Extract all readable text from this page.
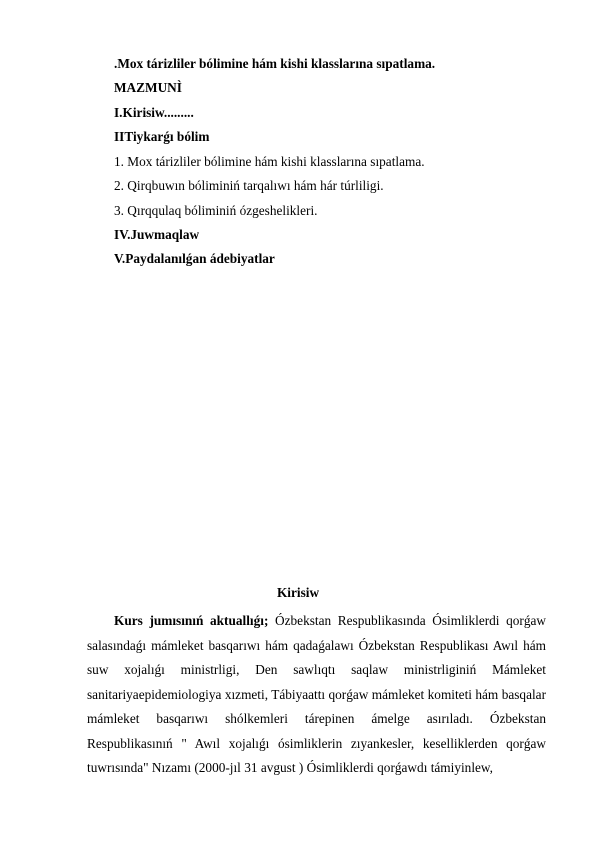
.Mox tárizliler bólimine hám kishi klasslarına sıpatlama.
MAZMUNÌ
I.Kirisiw.........
IITiykarǵı bólim
1. Mox tárizliler bólimine hám kishi klasslarına sıpatlama.
2. Qirqbuwın bóliminiń tarqalıwı hám hár túrliligi.
3. Qırqqulaq bóliminiń ózgeshelikleri.
IV.Juwmaqlaw
V.Paydalanılǵan ádebiyatlar
Kirisiw
Kurs jumısınıń aktuallıǵı; Ózbekstan Respublikasında Ósimliklerdi qorǵaw salasındaǵı mámleket basqarıwı hám qadaǵalawı Ózbekstan Respublikası Awıl hám suw xojalıǵı ministrligi, Den sawlıqtı saqlaw ministrliginiń Mámleket sanitariyaepidemiologiya xızmeti, Tábiyaattı qorǵaw mámleket komiteti hám basqalar mámleket basqarıwı shólkemleri tárepinen ámelge asırıladı. Ózbekstan Respublikasınıń " Awıl xojalıǵı ósimliklerin zıyankesler, keselliklerden qorǵaw tuwrısında" Nızamı (2000-jıl 31 avgust ) Ósimliklerdi qorǵawdı támiyinlew,
